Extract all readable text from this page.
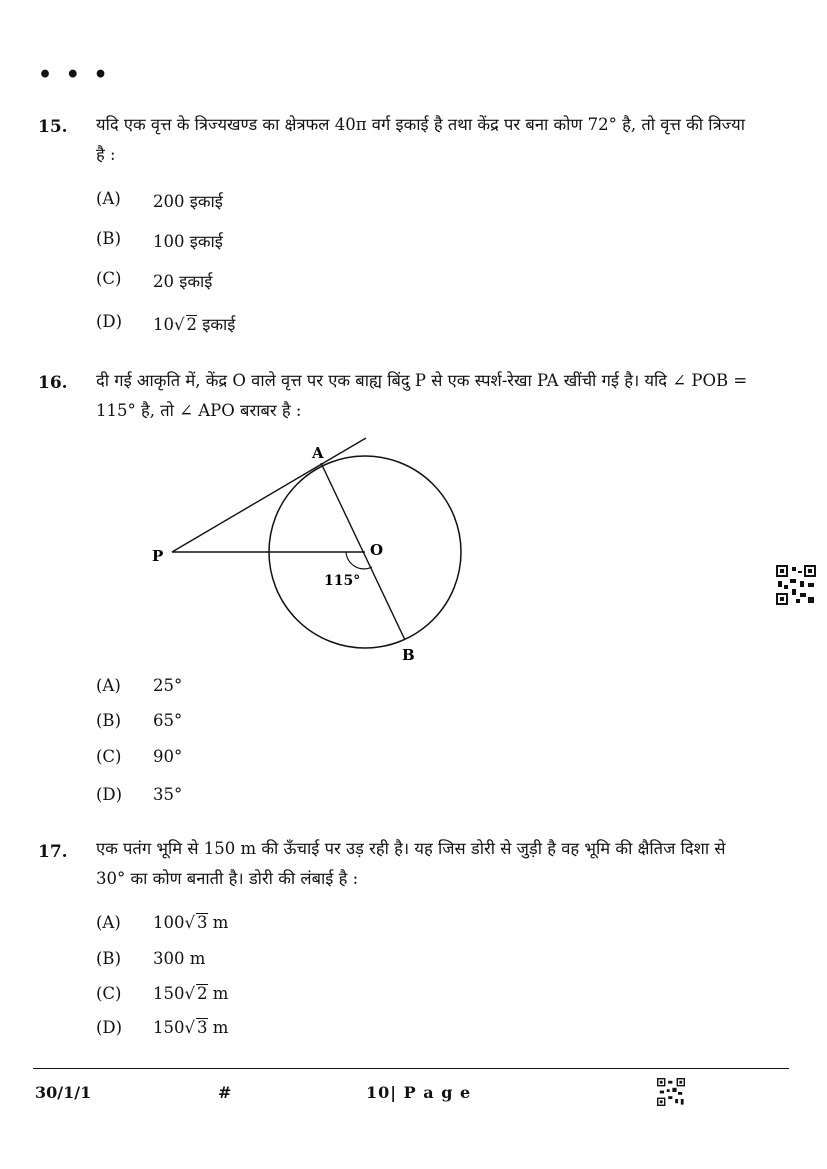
• • •
15. यदि एक वृत्त के त्रिज्यखण्ड का क्षेत्रफल 40π वर्ग इकाई है तथा केंद्र पर बना कोण 72° है, तो वृत्त की त्रिज्या है :
(A) 200 इकाई
(B) 100 इकाई
(C) 20 इकाई
(D) 10√ 2 इकाई
16. दी गई आकृति में, केंद्र O वाले वृत्त पर एक बाह्य बिंदु P से एक स्पर्श-रेखा PA खींची गई है। यदि ∠ POB = 115° है, तो ∠ APO बराबर है :
A
O
P
B
115°
(A) 25°
(B) 65°
(C) 90°
(D) 35°
17. एक पतंग भूमि से 150 m की ऊँचाई पर उड़ रही है। यह जिस डोरी से जुड़ी है वह भूमि की क्षैतिज दिशा से 30° का कोण बनाती है। डोरी की लंबाई है :
(A) 100√ 3 m
(B) 300 m
(C) 150√ 2 m
(D) 150√ 3 m
30/1/1	#	10| P a g e
